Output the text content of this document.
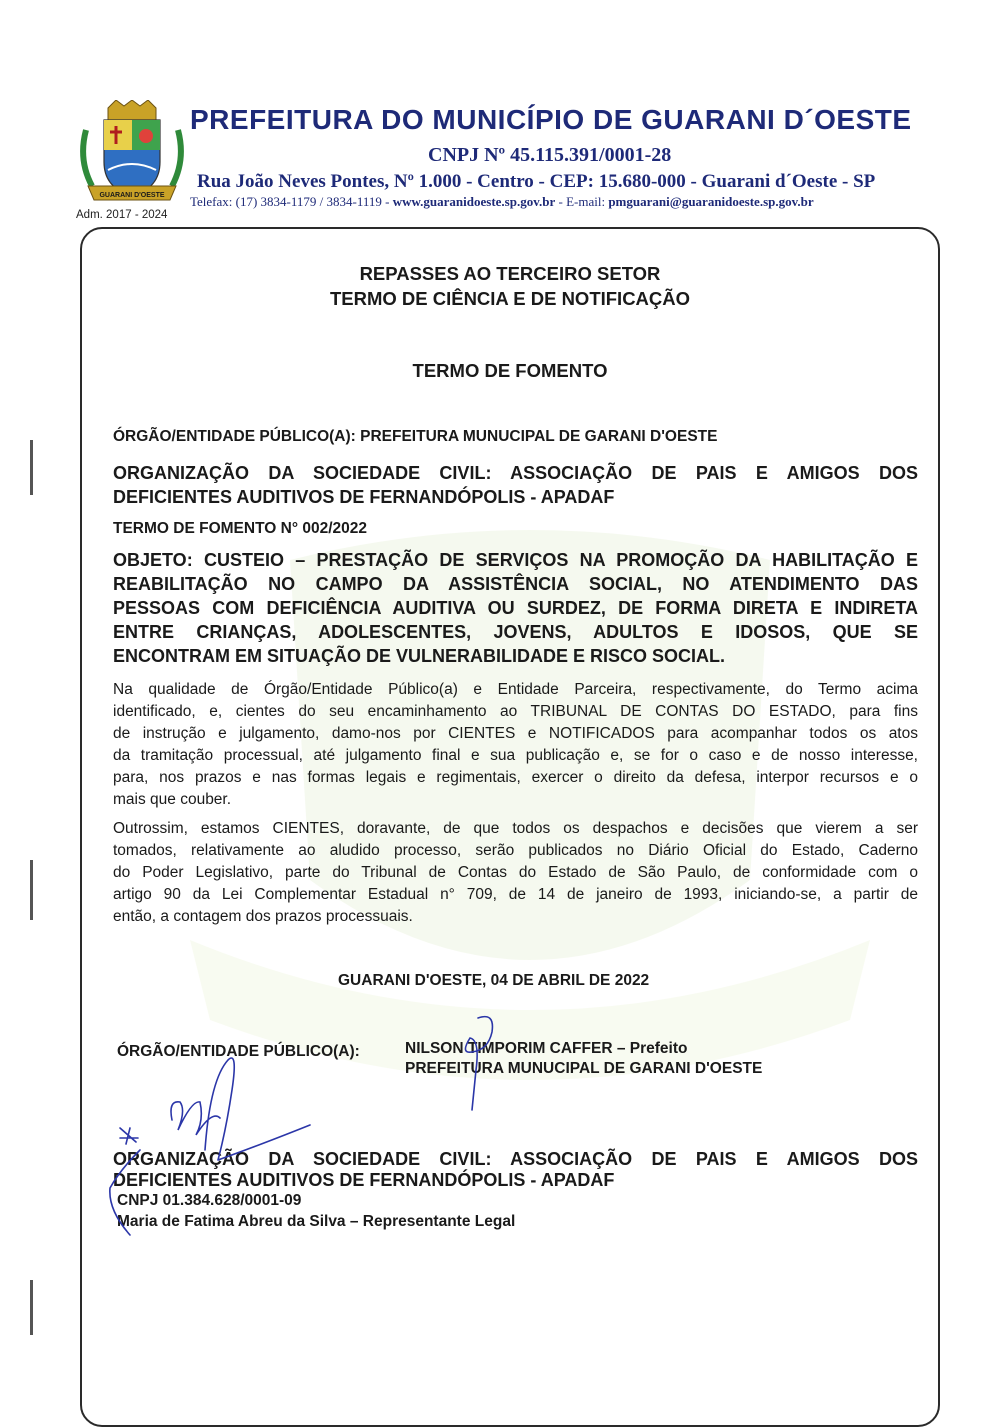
GUARANI D'OESTE
Adm. 2017 - 2024
PREFEITURA DO MUNICÍPIO DE GUARANI D´OESTE
CNPJ Nº 45.115.391/0001-28
Rua João Neves Pontes, Nº 1.000 - Centro - CEP: 15.680-000 - Guarani d´Oeste - SP
Telefax: (17) 3834-1179 / 3834-1119 - www.guaranidoeste.sp.gov.br - E-mail: pmguarani@guaranidoeste.sp.gov.br
REPASSES AO TERCEIRO SETOR
TERMO DE CIÊNCIA E DE NOTIFICAÇÃO
TERMO DE FOMENTO
ÓRGÃO/ENTIDADE PÚBLICO(A): PREFEITURA MUNUCIPAL DE GARANI D'OESTE
ORGANIZAÇÃO DA SOCIEDADE CIVIL: ASSOCIAÇÃO DE PAIS E AMIGOS DOS
DEFICIENTES AUDITIVOS DE FERNANDÓPOLIS - APADAF
TERMO DE FOMENTO N° 002/2022
OBJETO: CUSTEIO – PRESTAÇÃO DE SERVIÇOS NA PROMOÇÃO DA HABILITAÇÃO E
REABILITAÇÃO NO CAMPO DA ASSISTÊNCIA SOCIAL, NO ATENDIMENTO DAS
PESSOAS COM DEFICIÊNCIA AUDITIVA OU SURDEZ, DE FORMA DIRETA E INDIRETA
ENTRE CRIANÇAS, ADOLESCENTES, JOVENS, ADULTOS E IDOSOS, QUE SE
ENCONTRAM EM SITUAÇÃO DE VULNERABILIDADE E RISCO SOCIAL.
Na qualidade de Órgão/Entidade Público(a) e Entidade Parceira, respectivamente, do Termo acima
identificado, e, cientes do seu encaminhamento ao TRIBUNAL DE CONTAS DO ESTADO, para fins
de instrução e julgamento, damo-nos por CIENTES e NOTIFICADOS para acompanhar todos os atos
da tramitação processual, até julgamento final e sua publicação e, se for o caso e de nosso interesse,
para, nos prazos e nas formas legais e regimentais, exercer o direito da defesa, interpor recursos e o
mais que couber.
Outrossim, estamos CIENTES, doravante, de que todos os despachos e decisões que vierem a ser
tomados, relativamente ao aludido processo, serão publicados no Diário Oficial do Estado, Caderno
do Poder Legislativo, parte do Tribunal de Contas do Estado de São Paulo, de conformidade com o
artigo 90 da Lei Complementar Estadual n° 709, de 14 de janeiro de 1993, iniciando-se, a partir de
então, a contagem dos prazos processuais.
GUARANI D'OESTE, 04 DE ABRIL DE 2022
ÓRGÃO/ENTIDADE PÚBLICO(A):	NILSON TIMPORIM CAFFER – Prefeito
PREFEITURA MUNUCIPAL DE GARANI D'OESTE
ORGANIZAÇÃO DA SOCIEDADE CIVIL: ASSOCIAÇÃO DE PAIS E AMIGOS DOS
DEFICIENTES AUDITIVOS DE FERNANDÓPOLIS - APADAF
CNPJ 01.384.628/0001-09
Maria de Fatima Abreu da Silva – Representante Legal
